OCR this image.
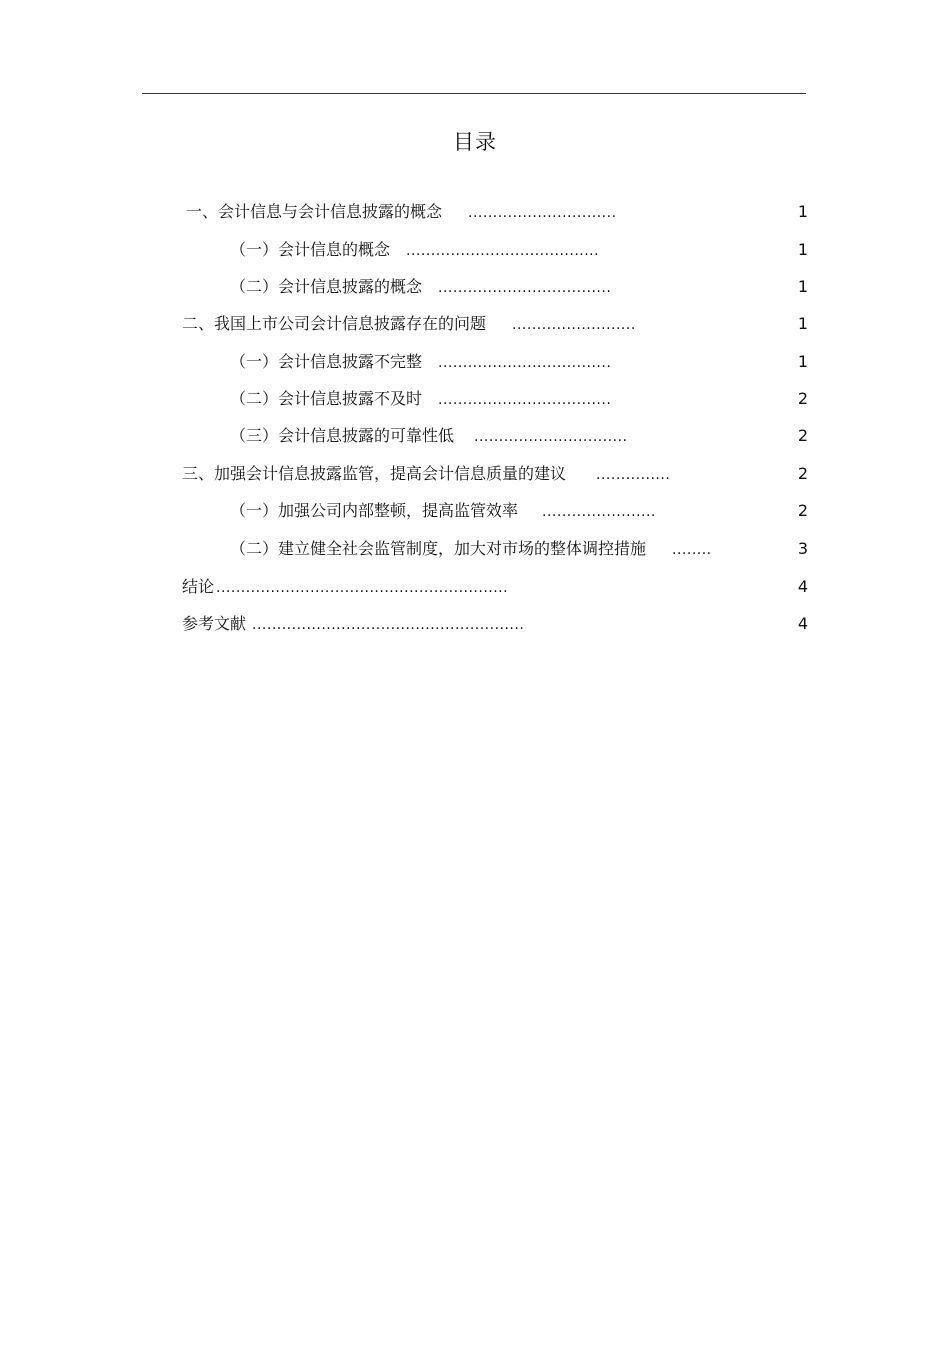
目录
一、会计信息与会计信息披露的概念 ..............................	1
（一）会计信息的概念 .......................................	1
（二）会计信息披露的概念 ...................................	1
二、我国上市公司会计信息披露存在的问题 .........................	1
（一）会计信息披露不完整 ...................................	1
（二）会计信息披露不及时 ...................................	2
（三）会计信息披露的可靠性低 ...............................	2
三、加强会计信息披露监管，提高会计信息质量的建议 ...............	2
（一）加强公司内部整顿，提高监管效率 .......................	2
（二）建立健全社会监管制度，加大对市场的整体调控措施 ........	3
结论 ...........................................................	4
参考文献 .......................................................	4
